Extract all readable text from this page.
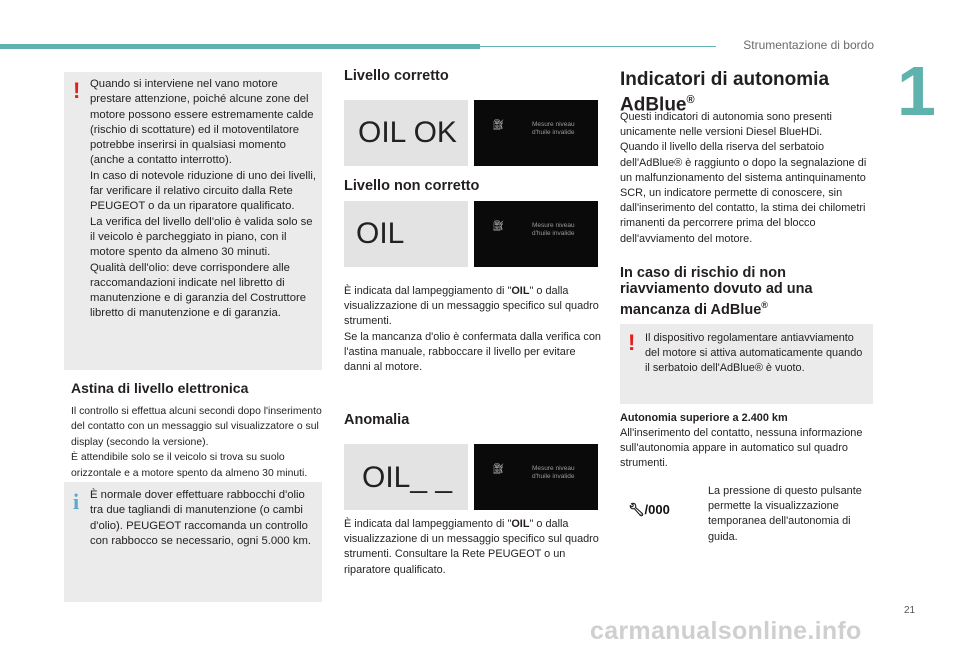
Strumentazione di bordo
1
! Quando si interviene nel vano motore prestare attenzione, poiché alcune zone del motore possono essere estremamente calde (rischio di scottature) ed il motoventilatore potrebbe inserirsi in qualsiasi momento (anche a contatto interrotto).
In caso di notevole riduzione di uno dei livelli, far verificare il relativo circuito dalla Rete PEUGEOT o da un riparatore qualificato.
La verifica del livello dell'olio è valida solo se il veicolo è parcheggiato in piano, con il motore spento da almeno 30 minuti.
Qualità dell'olio: deve corrispondere alle raccomandazioni indicate nel libretto di manutenzione e di garanzia del Costruttore libretto di manutenzione e di garanzia.

Astina di livello elettronica

Il controllo si effettua alcuni secondi dopo l'inserimento del contatto con un messaggio sul visualizzatore o sul display (secondo la versione).
È attendibile solo se il veicolo si trova su suolo orizzontale e a motore spento da almeno 30 minuti.

i È normale dover effettuare rabbocchi d'olio tra due tagliandi di manutenzione (o cambi d'olio). PEUGEOT raccomanda un controllo con rabbocco se necessario, ogni 5.000 km.

Livello corretto
OIL OK	⛽︎	Mesure niveau
d'huile invalide
Livello non corretto
OIL	⛽︎	Mesure niveau
d'huile invalide

È indicata dal lampeggiamento di "OIL" o dalla visualizzazione di un messaggio specifico sul quadro strumenti.
Se la mancanza d'olio è confermata dalla verifica con l'astina manuale, rabboccare il livello per evitare danni al motore.

Anomalia
OIL_ _	⛽︎	Mesure niveau
d'huile invalide

È indicata dal lampeggiamento di "OIL" o dalla visualizzazione di un messaggio specifico sul quadro strumenti. Consultare la Rete PEUGEOT o un riparatore qualificato.

Indicatori di autonomia AdBlue®

Questi indicatori di autonomia sono presenti unicamente nelle versioni Diesel BlueHDi.
Quando il livello della riserva del serbatoio dell'AdBlue® è raggiunto o dopo la segnalazione di un malfunzionamento del sistema antinquinamento SCR, un indicatore permette di conoscere, sin dall'inserimento del contatto, la stima dei chilometri rimanenti da percorrere prima del blocco dell'avviamento del motore.

In caso di rischio di non riavviamento dovuto ad una mancanza di AdBlue®
! Il dispositivo regolamentare antiavviamento del motore si attiva automaticamente quando il serbatoio dell'AdBlue® è vuoto.

Autonomia superiore a 2.400 km

All'inserimento del contatto, nessuna informazione sull'autonomia appare in automatico sul quadro strumenti.

🔧︎/000

La pressione di questo pulsante permette la visualizzazione temporanea dell'autonomia di guida.

21
carmanualsonline.info
